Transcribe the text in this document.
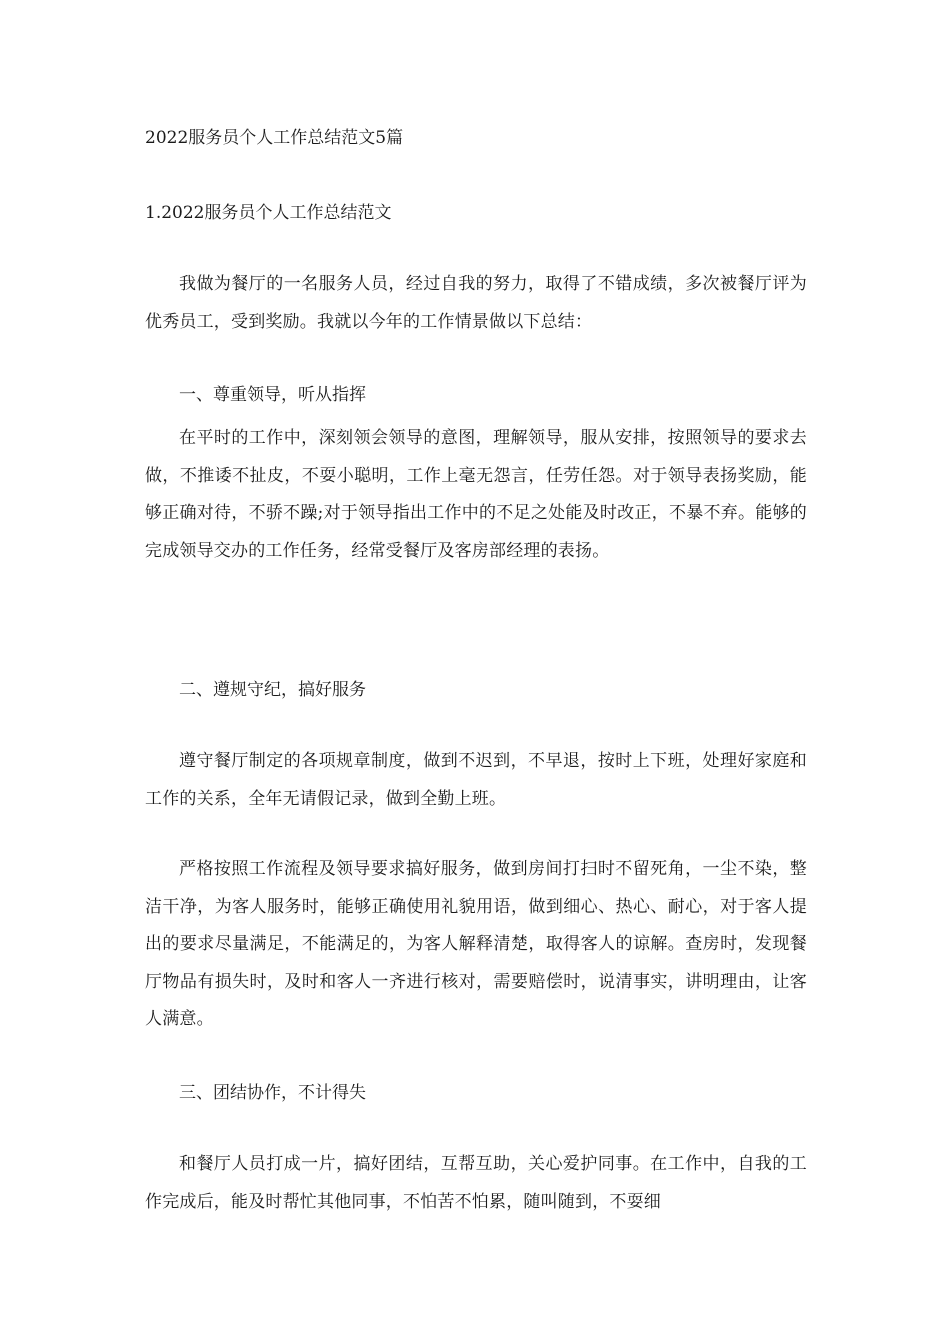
2022服务员个人工作总结范文5篇
1.2022服务员个人工作总结范文

我做为餐厅的一名服务人员，经过自我的努力，取得了不错成绩，多次被餐厅评为优秀员工，受到奖励。我就以今年的工作情景做以下总结：

一、尊重领导，听从指挥

在平时的工作中，深刻领会领导的意图，理解领导，服从安排，按照领导的要求去做，不推诿不扯皮，不耍小聪明，工作上毫无怨言，任劳任怨。对于领导表扬奖励，能够正确对待，不骄不躁;对于领导指出工作中的不足之处能及时改正，不暴不弃。能够的完成领导交办的工作任务，经常受餐厅及客房部经理的表扬。

二、遵规守纪，搞好服务

遵守餐厅制定的各项规章制度，做到不迟到，不早退，按时上下班，处理好家庭和工作的关系，全年无请假记录，做到全勤上班。

严格按照工作流程及领导要求搞好服务，做到房间打扫时不留死角，一尘不染，整洁干净，为客人服务时，能够正确使用礼貌用语，做到细心、热心、耐心，对于客人提出的要求尽量满足，不能满足的，为客人解释清楚，取得客人的谅解。查房时，发现餐厅物品有损失时，及时和客人一齐进行核对，需要赔偿时，说清事实，讲明理由，让客人满意。

三、团结协作，不计得失

和餐厅人员打成一片，搞好团结，互帮互助，关心爱护同事。在工作中，自我的工作完成后，能及时帮忙其他同事，不怕苦不怕累，随叫随到，不耍细
